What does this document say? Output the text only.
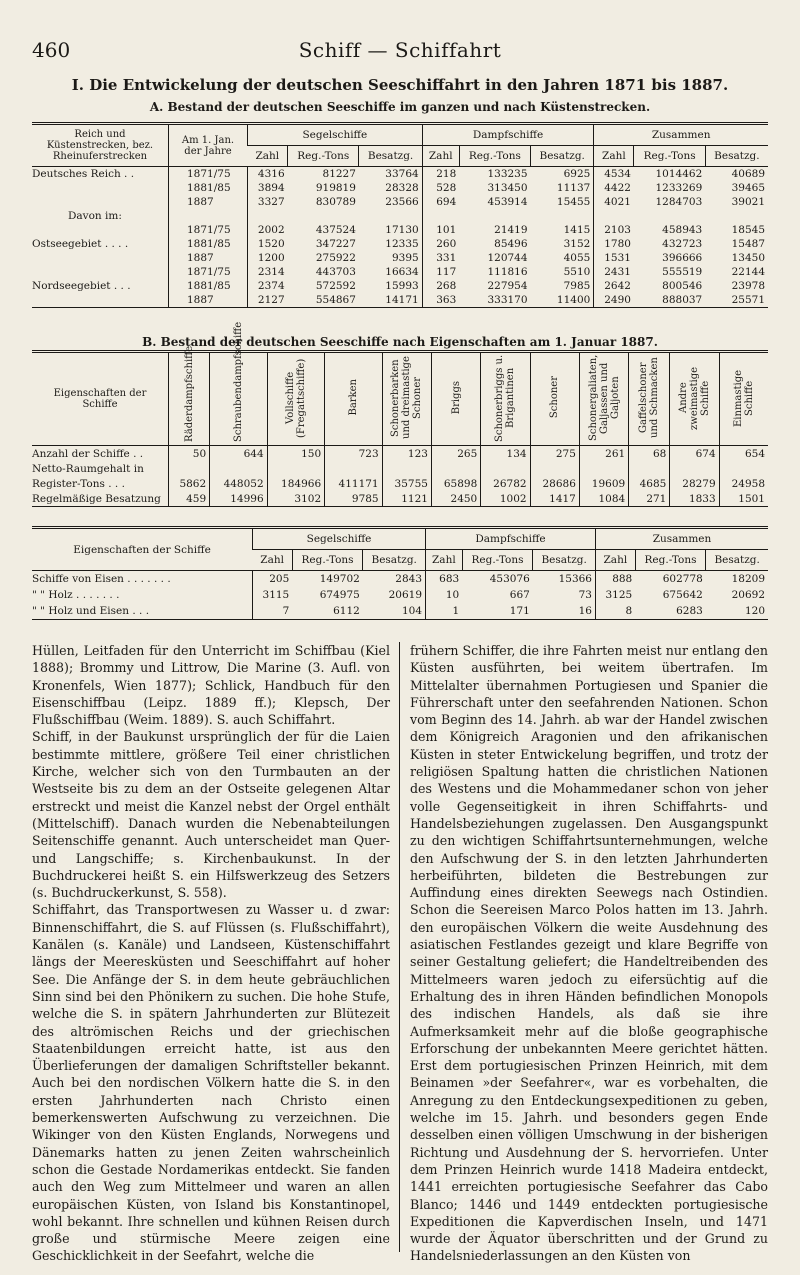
460	Schiff — Schiffahrt
I. Die Entwickelung der deutschen Seeschiffahrt in den Jahren 1871 bis 1887.
A. Bestand der deutschen Seeschiffe im ganzen und nach Küstenstrecken.
Reich und Küstenstrecken, bez. Rheinuferstrecken	Am 1. Jan. der Jahre	Segelschiffe			Dampfschiffe			Zusammen		
		Zahl	Reg.-Tons	Besatzg.	Zahl	Reg.-Tons	Besatzg.	Zahl	Reg.-Tons	Besatzg.
Deutsches Reich . .	1871/75	4316	81227	33764	218	133235	6925	4534	1014462	40689
	1881/85	3894	919819	28328	528	313450	11137	4422	1233269	39465
	1887	3327	830789	23566	694	453914	15455	4021	1284703	39021
Davon im:										
	1871/75	2002	437524	17130	101	21419	1415	2103	458943	18545
Ostseegebiet . . . .	1881/85	1520	347227	12335	260	85496	3152	1780	432723	15487
	1887	1200	275922	9395	331	120744	4055	1531	396666	13450
	1871/75	2314	443703	16634	117	111816	5510	2431	555519	22144
Nordseegebiet . . .	1881/85	2374	572592	15993	268	227954	7985	2642	800546	23978
	1887	2127	554867	14171	363	333170	11400	2490	888037	25571
B. Bestand der deutschen Seeschiffe nach Eigenschaften am 1. Januar 1887.
Eigenschaften der Schiffe	Räderdampfschiffe	Schraubendampfschiffe	Vollschiffe (Fregattschiffe)	Barken	Schonerbarken und dreimastige Schoner	Briggs	Schonerbriggs u. Brigantinen	Schoner	Schonergaliaten, Galjassen und Galjoten	Gaffelschoner und Schmacken	Andre zweimastige Schiffe	Einmastige Schiffe
Anzahl der Schiffe . .	50	644	150	723	123	265	134	275	261	68	674	654
Netto-Raumgehalt in												
Register-Tons . . .	5862	448052	184966	411171	35755	65898	26782	28686	19609	4685	28279	24958
Regelmäßige Besatzung	459	14996	3102	9785	1121	2450	1002	1417	1084	271	1833	1501
Eigenschaften der Schiffe	Segelschiffe			Dampfschiffe			Zusammen		
	Zahl	Reg.-Tons	Besatzg.	Zahl	Reg.-Tons	Besatzg.	Zahl	Reg.-Tons	Besatzg.
Schiffe von Eisen . . . . . . .	205	149702	2843	683	453076	15366	888	602778	18209
" " Holz . . . . . . .	3115	674975	20619	10	667	73	3125	675642	20692
" " Holz und Eisen . . .	7	6112	104	1	171	16	8	6283	120

Hüllen, Leitfaden für den Unterricht im Schiffbau (Kiel 1888); Brommy und Littrow, Die Marine (3. Aufl. von Kronenfels, Wien 1877); Schlick, Handbuch für den Eisenschiffbau (Leipz. 1889 ff.); Klepsch, Der Flußschiffbau (Weim. 1889). S. auch Schiffahrt.

Schiff, in der Baukunst ursprünglich der für die Laien bestimmte mittlere, größere Teil einer christlichen Kirche, welcher sich von den Turmbauten an der Westseite bis zu dem an der Ostseite gelegenen Altar erstreckt und meist die Kanzel nebst der Orgel enthält (Mittelschiff). Danach wurden die Nebenabteilungen Seitenschiffe genannt. Auch unterscheidet man Quer- und Langschiffe; s. Kirchenbaukunst. In der Buchdruckerei heißt S. ein Hilfswerkzeug des Setzers (s. Buchdruckerkunst, S. 558).

Schiffahrt, das Transportwesen zu Wasser u. d zwar: Binnenschiffahrt, die S. auf Flüssen (s. Flußschiffahrt), Kanälen (s. Kanäle) und Landseen, Küstenschiffahrt längs der Meeresküsten und Seeschiffahrt auf hoher See. Die Anfänge der S. in dem heute gebräuchlichen Sinn sind bei den Phönikern zu suchen. Die hohe Stufe, welche die S. in spätern Jahrhunderten zur Blütezeit des altrömischen Reichs und der griechischen Staatenbildungen erreicht hatte, ist aus den Überlieferungen der damaligen Schriftsteller bekannt. Auch bei den nordischen Völkern hatte die S. in den ersten Jahrhunderten nach Christo einen bemerkenswerten Aufschwung zu verzeichnen. Die Wikinger von den Küsten Englands, Norwegens und Dänemarks hatten zu jenen Zeiten wahrscheinlich schon die Gestade Nordamerikas entdeckt. Sie fanden auch den Weg zum Mittelmeer und waren an allen europäischen Küsten, von Island bis Konstantinopel, wohl bekannt. Ihre schnellen und kühnen Reisen durch große und stürmische Meere zeigen eine Geschicklichkeit in der Seefahrt, welche die

frühern Schiffer, die ihre Fahrten meist nur entlang den Küsten ausführten, bei weitem übertrafen. Im Mittelalter übernahmen Portugiesen und Spanier die Führerschaft unter den seefahrenden Nationen. Schon vom Beginn des 14. Jahrh. ab war der Handel zwischen dem Königreich Aragonien und den afrikanischen Küsten in steter Entwickelung begriffen, und trotz der religiösen Spaltung hatten die christlichen Nationen des Westens und die Mohammedaner schon von jeher volle Gegenseitigkeit in ihren Schiffahrts- und Handelsbeziehungen zugelassen. Den Ausgangspunkt zu den wichtigen Schiffahrtsunternehmungen, welche den Aufschwung der S. in den letzten Jahrhunderten herbeiführten, bildeten die Bestrebungen zur Auffindung eines direkten Seewegs nach Ostindien. Schon die Seereisen Marco Polos hatten im 13. Jahrh. den europäischen Völkern die weite Ausdehnung des asiatischen Festlandes gezeigt und klare Begriffe von seiner Gestaltung geliefert; die Handeltreibenden des Mittelmeers waren jedoch zu eifersüchtig auf die Erhaltung des in ihren Händen befindlichen Monopols des indischen Handels, als daß sie ihre Aufmerksamkeit mehr auf die bloße geographische Erforschung der unbekannten Meere gerichtet hätten. Erst dem portugiesischen Prinzen Heinrich, mit dem Beinamen »der Seefahrer«, war es vorbehalten, die Anregung zu den Entdeckungsexpeditionen zu geben, welche im 15. Jahrh. und besonders gegen Ende desselben einen völligen Umschwung in der bisherigen Richtung und Ausdehnung der S. hervorriefen. Unter dem Prinzen Heinrich wurde 1418 Madeira entdeckt, 1441 erreichten portugiesische Seefahrer das Cabo Blanco; 1446 und 1449 entdeckten portugiesische Expeditionen die Kapverdischen Inseln, und 1471 wurde der Äquator überschritten und der Grund zu Handelsniederlassungen an den Küsten von
